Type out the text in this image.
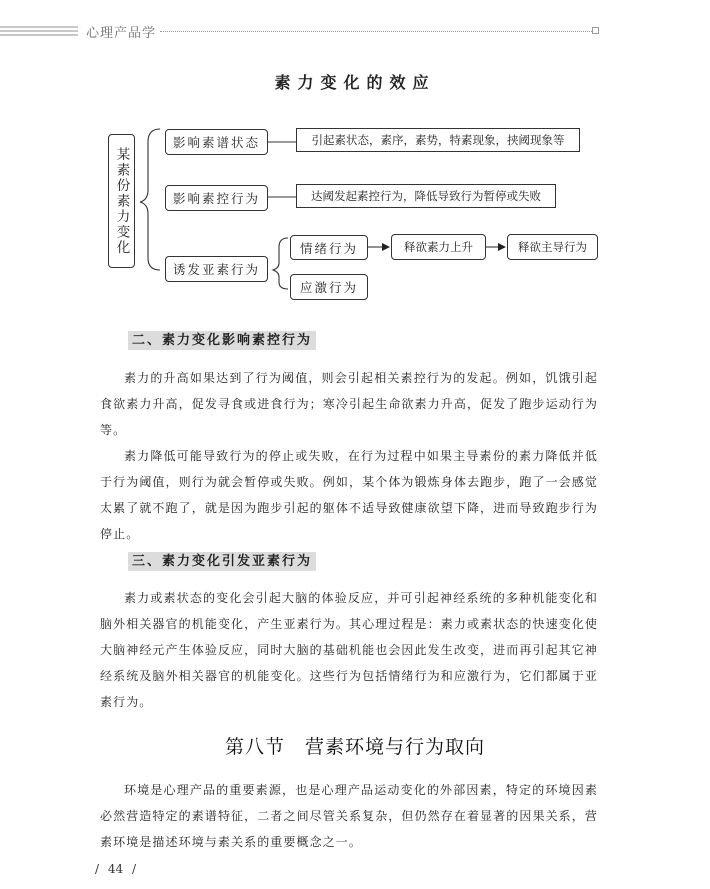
心理产品学
素力变化的效应
某素份素力变化
影响素谱状态	引起素状态，素序，素势，特素现象，挟阈现象等
影响素控行为	达阈发起素控行为，降低导致行为暂停或失败
诱发亚素行为
情绪行为	释欲素力上升	释欲主导行为
应激行为
二、素力变化影响素控行为

素力的升高如果达到了行为阈值，则会引起相关素控行为的发起。例如，饥饿引起食欲素力升高，促发寻食或进食行为；寒冷引起生命欲素力升高，促发了跑步运动行为等。

素力降低可能导致行为的停止或失败，在行为过程中如果主导素份的素力降低并低于行为阈值，则行为就会暂停或失败。例如，某个体为锻炼身体去跑步，跑了一会感觉太累了就不跑了，就是因为跑步引起的躯体不适导致健康欲望下降，进而导致跑步行为停止。

三、素力变化引发亚素行为

素力或素状态的变化会引起大脑的体验反应，并可引起神经系统的多种机能变化和脑外相关器官的机能变化，产生亚素行为。其心理过程是：素力或素状态的快速变化使大脑神经元产生体验反应，同时大脑的基础机能也会因此发生改变，进而再引起其它神经系统及脑外相关器官的机能变化。这些行为包括情绪行为和应激行为，它们都属于亚素行为。

第八节　营素环境与行为取向

环境是心理产品的重要素源，也是心理产品运动变化的外部因素，特定的环境因素必然营造特定的素谱特征，二者之间尽管关系复杂，但仍然存在着显著的因果关系，营素环境是描述环境与素关系的重要概念之一。

/ 44 /
